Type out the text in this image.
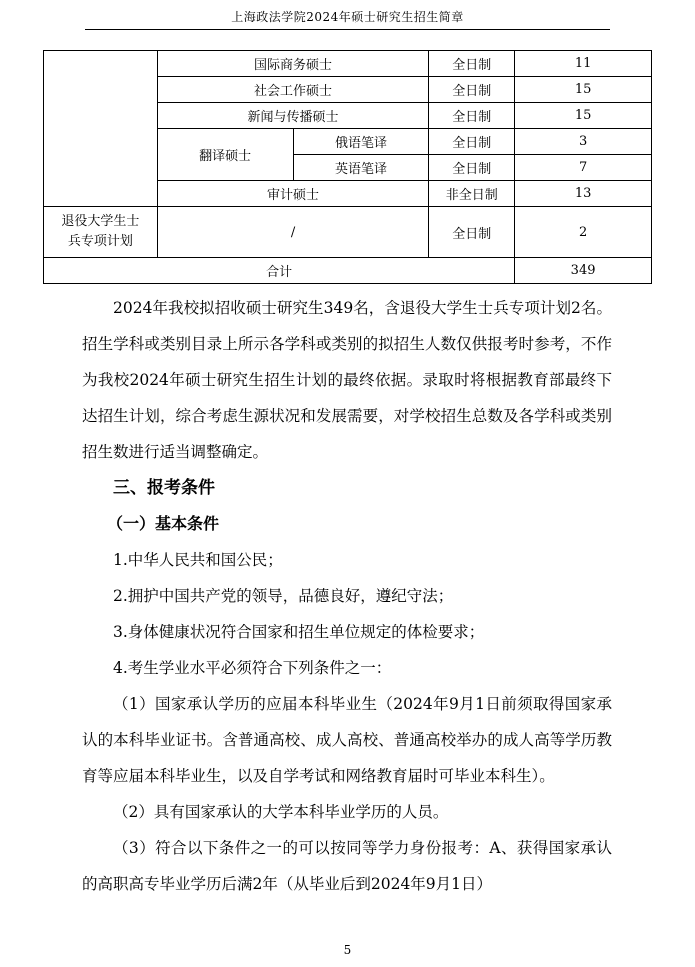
上海政法学院2024年硕士研究生招生简章
	国际商务硕士		全日制	11
	社会工作硕士		全日制	15
	新闻与传播硕士		全日制	15
	翻译硕士	俄语笔译	全日制	3
		英语笔译	全日制	7
	审计硕士		非全日制	13

退役大学生士
兵专项计划	/		全日制	2
合计				349

2024年我校拟招收硕士研究生349名，含退役大学生士兵专项计划2名。招生学科或类别目录上所示各学科或类别的拟招生人数仅供报考时参考，不作为我校2024年硕士研究生招生计划的最终依据。录取时将根据教育部最终下达招生计划，综合考虑生源状况和发展需要，对学校招生总数及各学科或类别招生数进行适当调整确定。

三、报考条件

（一）基本条件

1.中华人民共和国公民；

2.拥护中国共产党的领导，品德良好，遵纪守法；

3.身体健康状况符合国家和招生单位规定的体检要求；

4.考生学业水平必须符合下列条件之一：

（1）国家承认学历的应届本科毕业生（2024年9月1日前须取得国家承认的本科毕业证书。含普通高校、成人高校、普通高校举办的成人高等学历教育等应届本科毕业生，以及自学考试和网络教育届时可毕业本科生）。

（2）具有国家承认的大学本科毕业学历的人员。

（3）符合以下条件之一的可以按同等学力身份报考：A、获得国家承认的高职高专毕业学历后满2年（从毕业后到2024年9月1日）

5
